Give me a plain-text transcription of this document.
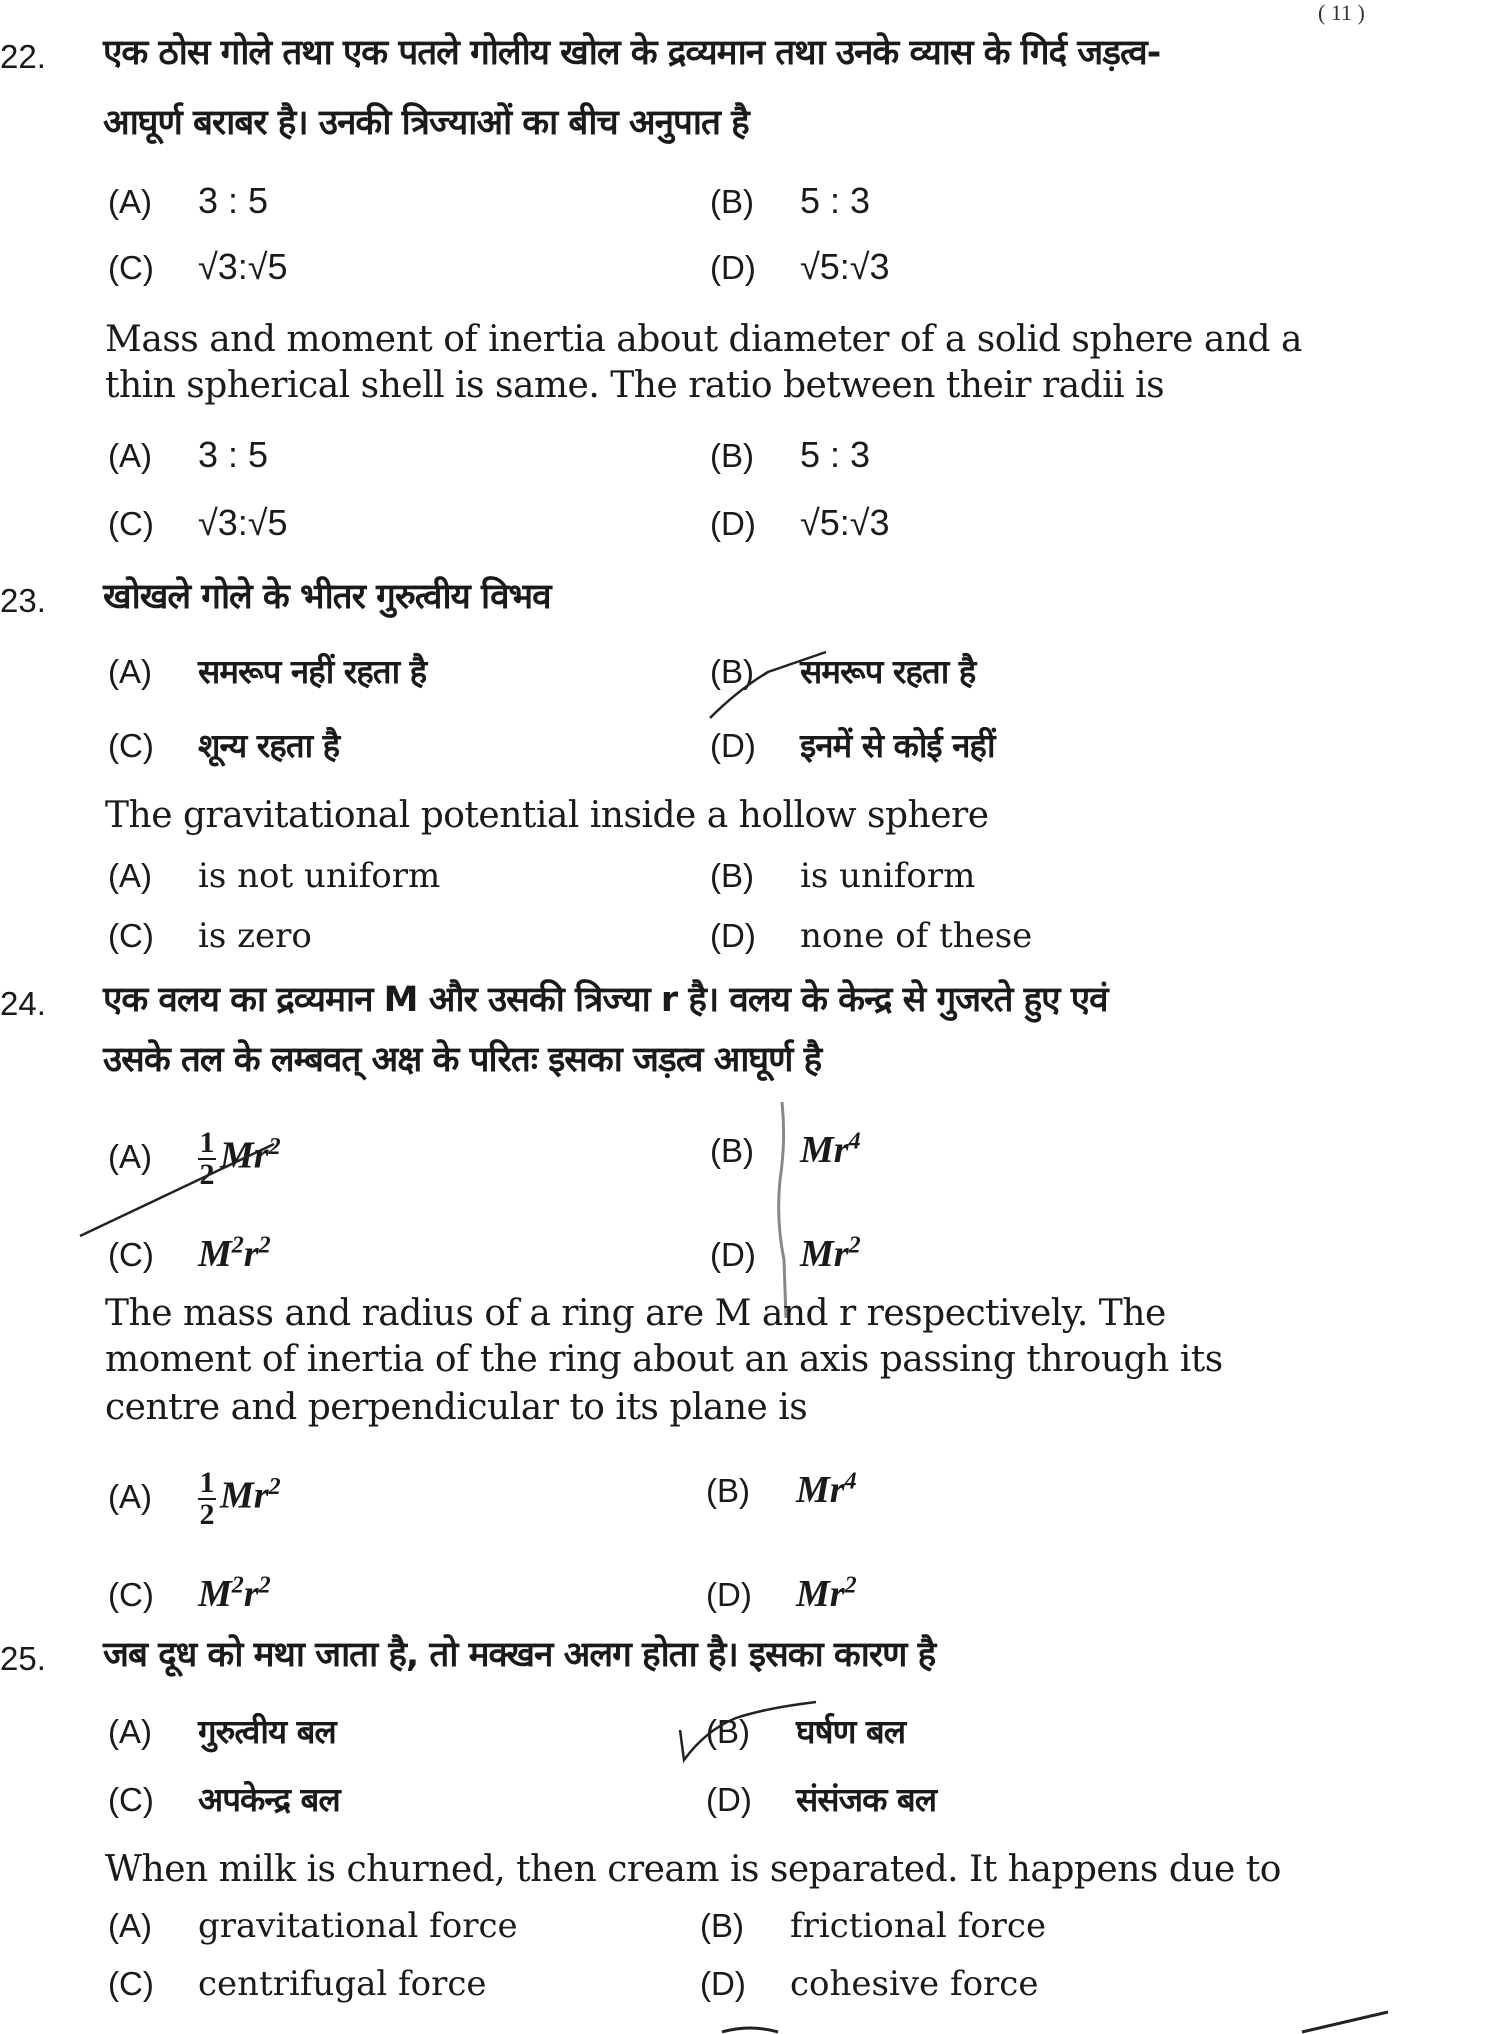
( 11 )
22. एक ठोस गोले तथा एक पतले गोलीय खोल के द्रव्यमान तथा उनके व्यास के गिर्द जड़त्व-
आघूर्ण बराबर है। उनकी त्रिज्याओं का बीच अनुपात है
(A)	3 : 5	(B)	5 : 3
(C)	√3:√5	(D)	√5:√3
Mass and moment of inertia about diameter of a solid sphere and a
thin spherical shell is same. The ratio between their radii is
(A)	3 : 5	(B)	5 : 3
(C)	√3:√5	(D)	√5:√3
23. खोखले गोले के भीतर गुरुत्वीय विभव
(A)	समरूप नहीं रहता है	(B)	समरूप रहता है
(C)	शून्य रहता है	(D)	इनमें से कोई नहीं
The gravitational potential inside a hollow sphere
(A)	is not uniform	(B)	is uniform
(C)	is zero	(D)	none of these
24. एक वलय का द्रव्यमान M और उसकी त्रिज्या r है। वलय के केन्द्र से गुजरते हुए एवं
उसके तल के लम्बवत् अक्ष के परितः इसका जड़त्व आघूर्ण है
(A)	$\frac{1}{2} Mr^2$	(B)	Mr$^4$
(C)	$M^2r^2$	(D)	Mr$^2$
The mass and radius of a ring are M and r respectively. The
moment of inertia of the ring about an axis passing through its
centre and perpendicular to its plane is
(A)	$\frac{1}{2} Mr^2$	(B)	Mr$^4$
(C)	$M^2r^2$	(D)	Mr$^2$
25. जब दूध को मथा जाता है, तो मक्खन अलग होता है। इसका कारण है
(A)	गुरुत्वीय बल	(B)	घर्षण बल
(C)	अपकेन्द्र बल	(D)	संसंजक बल
When milk is churned, then cream is separated. It happens due to
(A)	gravitational force	(B)	frictional force
(C)	centrifugal force	(D)	cohesive force
